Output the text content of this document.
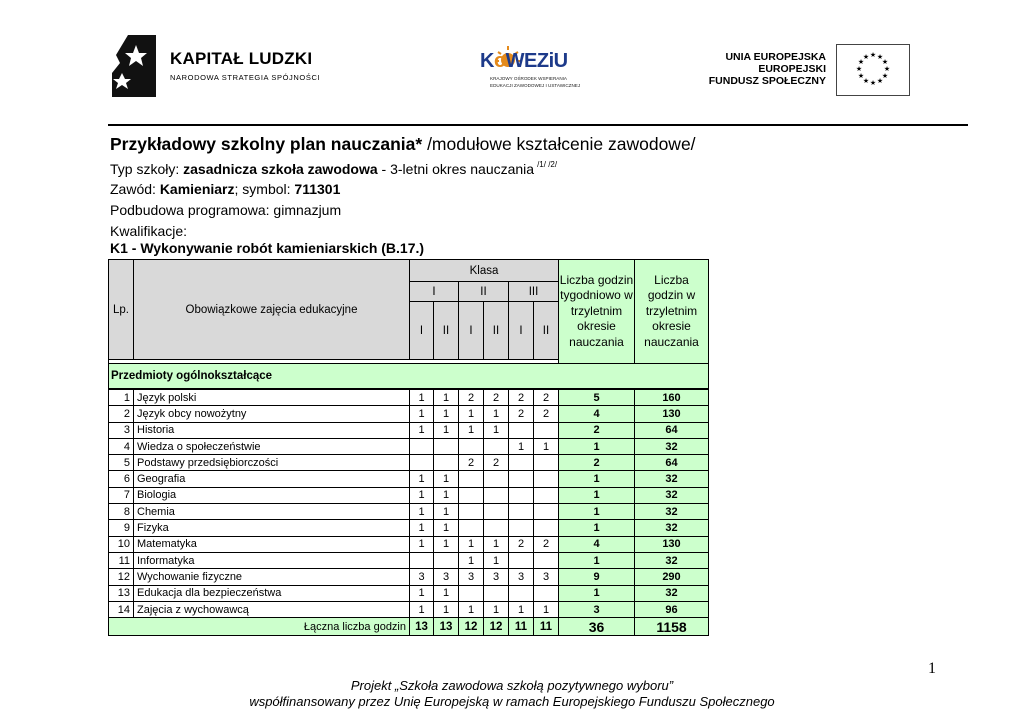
KAPITAŁ LUDZKI
NARODOWA STRATEGIA SPÓJNOŚCI
KoWEZiU
KRAJOWY OŚRODEK WSPIERANIA
EDUKACJI ZAWODOWEJ I USTAWICZNEJ
UNIA EUROPEJSKA
EUROPEJSKI
FUNDUSZ SPOŁECZNY
★ ★
★
★
★
★
★
★
★
★
★
★
Przykładowy szkolny plan nauczania* /modułowe kształcenie zawodowe/
Typ szkoły: zasadnicza szkoła zawodowa - 3-letni okres nauczania $^{/1/ /2/}$
Zawód: Kamieniarz; symbol: 711301
Podbudowa programowa: gimnazjum
Kwalifikacje:
K1 - Wykonywanie robót kamieniarskich (B.17.)
Lp.	Obowiązkowe zajęcia edukacyjne	Klasa						Liczba godzin tygodniowo w trzyletnim okresie nauczania	Liczba godzin w trzyletnim okresie nauczania
		I		II		III			
		I	II	I	II	I	II		

Przedmioty ogólnokształcące									
1	Język polski	1	1	2	2	2	2	5	160
2	Język obcy nowożytny	1	1	1	1	2	2	4	130
3	Historia	1	1	1	1			2	64
4	Wiedza o społeczeństwie					1	1	1	32
5	Podstawy przedsiębiorczości			2	2			2	64
6	Geografia	1	1					1	32
7	Biologia	1	1					1	32
8	Chemia	1	1					1	32
9	Fizyka	1	1					1	32
10	Matematyka	1	1	1	1	2	2	4	130
11	Informatyka			1	1			1	32
12	Wychowanie fizyczne	3	3	3	3	3	3	9	290
13	Edukacja dla bezpieczeństwa	1	1					1	32
14	Zajęcia z wychowawcą	1	1	1	1	1	1	3	96
Łączna liczba godzin		13	13	12	12	11	11	36	1158
1
Projekt „Szkoła zawodowa szkołą pozytywnego wyboru”
współfinansowany przez Unię Europejską w ramach Europejskiego Funduszu Społecznego
